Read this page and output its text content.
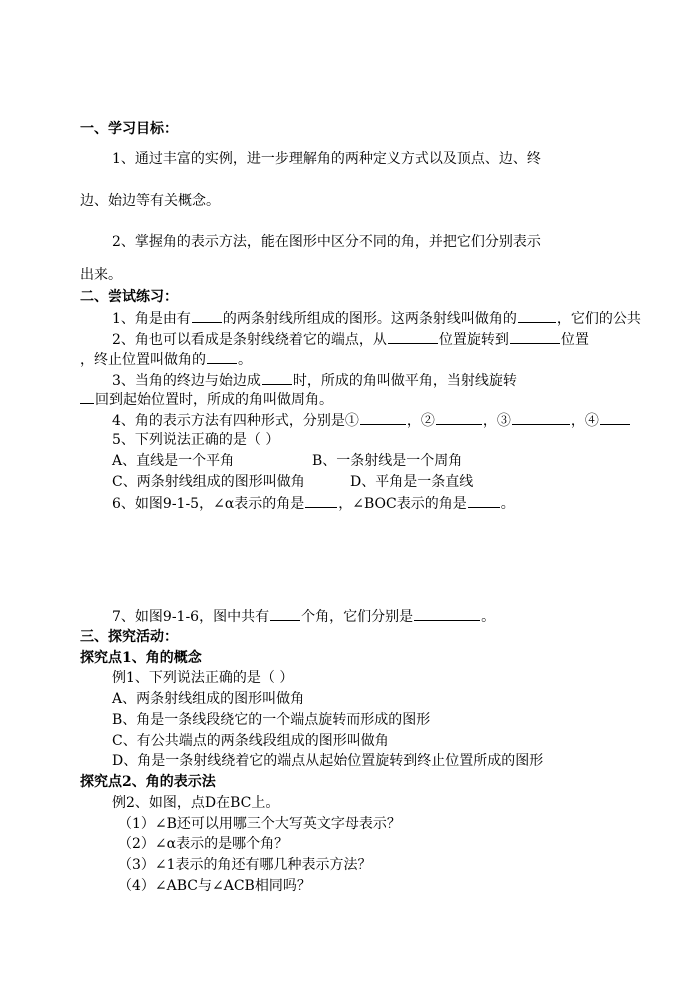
一、学习目标：
1、通过丰富的实例，进一步理解角的两种定义方式以及顶点、边、终
边、始边等有关概念。
2、掌握角的表示方法，能在图形中区分不同的角，并把它们分别表示
出来。
二、尝试练习：
1、角是由有 的两条射线所组成的图形。这两条射线叫做角的	，它们的公共
2、角也可以看成是条射线绕着它的端点，从	位置旋转到	位置
，终止位置叫做角的 。
3、当角的终边与始边成 时，所成的角叫做平角，当射线旋转
回到起始位置时，所成的角叫做周角。
4、角的表示方法有四种形式，分别是①	，②	，③	，④
5、下列说法正确的是（ ）
A、直线是一个平角	B、一条射线是一个周角
C、两条射线组成的图形叫做角	D、平角是一条直线
6、如图9-1-5，∠α表示的角是 ，∠BOC表示的角是 。
7、如图9-1-6，图中共有 个角，它们分别是	。
三、探究活动：
探究点1、角的概念
例1、下列说法正确的是（ ）
A、两条射线组成的图形叫做角
B、角是一条线段绕它的一个端点旋转而形成的图形
C、有公共端点的两条线段组成的图形叫做角
D、角是一条射线绕着它的端点从起始位置旋转到终止位置所成的图形
探究点2、角的表示法
例2、如图，点D在BC上。
（1）∠B还可以用哪三个大写英文字母表示？
（2）∠α表示的是哪个角？
（3）∠1表示的角还有哪几种表示方法？
（4）∠ABC与∠ACB相同吗？
